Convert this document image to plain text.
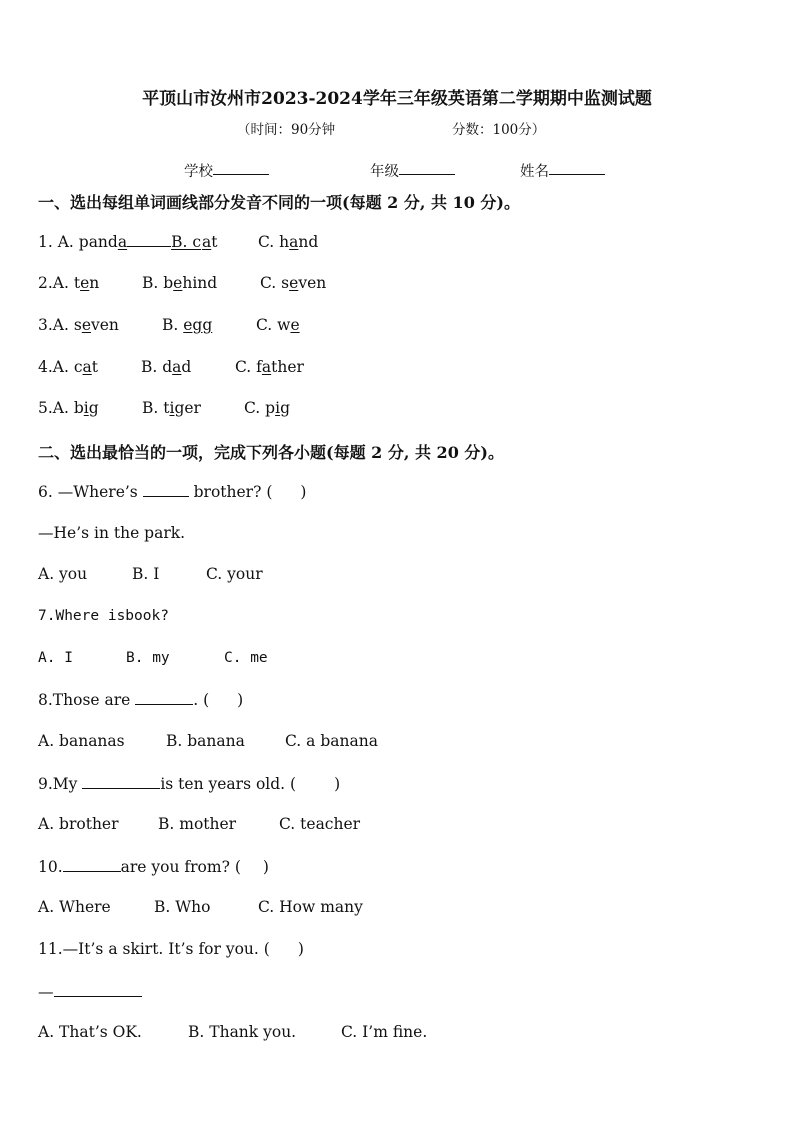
平顶山市汝州市2023-2024学年三年级英语第二学期期中监测试题
（时间：90分钟	分数：100分）
学校	年级	姓名
一、选出每组单词画线部分发音不同的一项(每题 2 分, 共 10 分)。
1. A. panda	B. c at	C. hand
2.A. ten	B. behind	C. seven
3.A. seven	B. egg	C. we
4.A. cat	B. dad	C. father
5.A. big	B. tiger	C. pig
二、选出最恰当的一项，完成下列各小题(每题 2 分, 共 20 分)。
6. —Where’s	brother? ( )
—He’s in the park.
A. you	B. I	C. your
7.Where isbook?
A. I	B. my	C. me
8.Those are	. ( )
A. bananas	B. banana	C. a banana
9.My	is ten years old. ( )
A. brother	B. mother	C. teacher
10.	are you from? ( )
A. Where	B. Who	C. How many
11.—It’s a skirt. It’s for you. ( )
—
A. That’s OK.	B. Thank you.	C. I’m fine.
